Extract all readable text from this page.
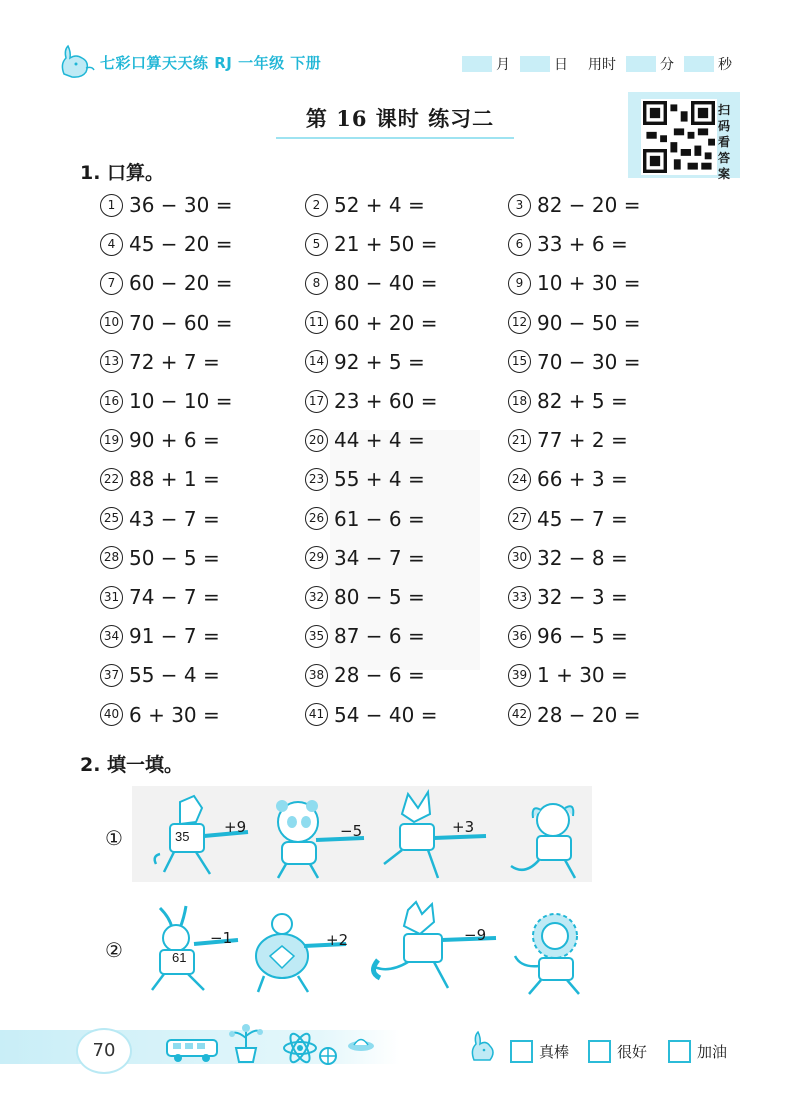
七彩口算天天练 RJ 一年级 下册	月	日 用时	分	秒
第 16 课时 练习二	扫
码
看
答
案
1. 口算。
1 36 − 30 =	2 52 + 4 =	3 82 − 20 =
4 45 − 20 =	5 21 + 50 =	6 33 + 6 =
7 60 − 20 =	8 80 − 40 =	9 10 + 30 =
10 70 − 60 =	11 60 + 20 =	12 90 − 50 =
13 72 + 7 =	14 92 + 5 =	15 70 − 30 =
16 10 − 10 =	17 23 + 60 =	18 82 + 5 =
19 90 + 6 =	20 44 + 4 =	21 77 + 2 =
22 88 + 1 =	23 55 + 4 =	24 66 + 3 =
25 43 − 7 =	26 61 − 6 =	27 45 − 7 =
28 50 − 5 =	29 34 − 7 =	30 32 − 8 =
31 74 − 7 =	32 80 − 5 =	33 32 − 3 =
34 91 − 7 =	35 87 − 6 =	36 96 − 5 =
37 55 − 4 =	38 28 − 6 =	39 1 + 30 =
40 6 + 30 =	41 54 − 40 =	42 28 − 20 =
2. 填一填。
①
②
35
+9	−5	+3
61
−1	+2	−9
70	真棒	很好	加油
